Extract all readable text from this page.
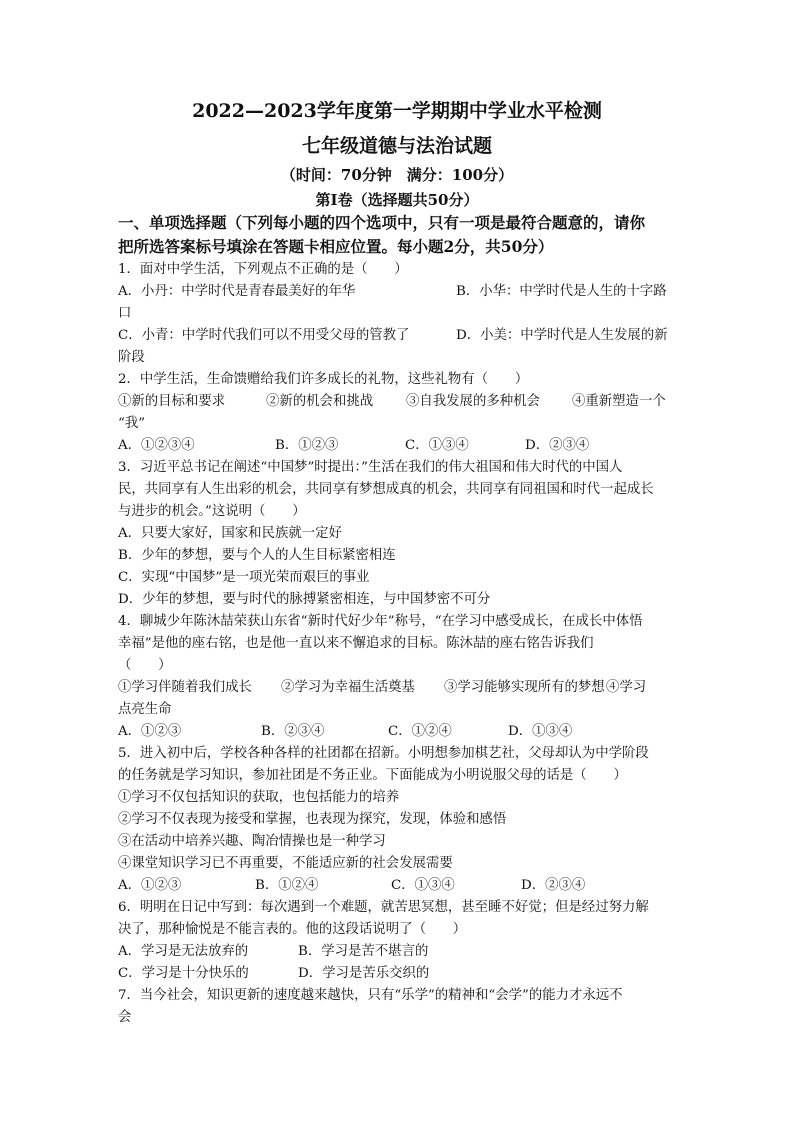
2022—2023学年度第一学期期中学业水平检测
七年级道德与法治试题
（时间：70分钟　满分：100分）
第Ⅰ卷（选择题共50分）
一、单项选择题（下列每小题的四个选项中，只有一项是最符合题意的，请你
把所选答案标号填涂在答题卡相应位置。每小题2分，共50分）
1．面对中学生活，下列观点不正确的是（　　）
A．小丹：中学时代是青春最美好的年华	B．小华：中学时代是人生的十字路
口
C．小青：中学时代我们可以不用受父母的管教了	D．小美：中学时代是人生发展的新
阶段
2．中学生活，生命馈赠给我们许多成长的礼物，这些礼物有（　　）
①新的目标和要求	②新的机会和挑战	③自我发展的多种机会	④重新塑造一个
“我”
A．①②③④	B．①②③	C．①③④	D．②③④
3．习近平总书记在阐述“中国梦”时提出：”生活在我们的伟大祖国和伟大时代的中国人
民，共同享有人生出彩的机会，共同享有梦想成真的机会，共同享有同祖国和时代一起成长
与进步的机会。”这说明（　　）
A．只要大家好，国家和民族就一定好
B．少年的梦想，要与个人的人生目标紧密相连
C．实现“中国梦”是一项光荣而艰巨的事业
D．少年的梦想，要与时代的脉搏紧密相连，与中国梦密不可分
4．聊城少年陈沐喆荣获山东省“新时代好少年”称号，“在学习中感受成长，在成长中体悟
幸福”是他的座右铭，也是他一直以来不懈追求的目标。陈沐喆的座右铭告诉我们
（　　）
①学习伴随着我们成长	②学习为幸福生活奠基	③学习能够实现所有的梦想 ④学习
点亮生命
A．①②③	B．②③④	C．①②④	D．①③④
5．进入初中后，学校各种各样的社团都在招新。小明想参加棋艺社，父母却认为中学阶段
的任务就是学习知识，参加社团是不务正业。下面能成为小明说服父母的话是（　　）
①学习不仅包括知识的获取，也包括能力的培养
②学习不仅表现为接受和掌握，也表现为探究，发现，体验和感悟
③在活动中培养兴趣、陶冶情操也是一种学习
④课堂知识学习已不再重要，不能适应新的社会发展需要
A．①②③	B．①②④	C．①③④	D．②③④
6．明明在日记中写到：每次遇到一个难题，就苦思冥想，甚至睡不好觉；但是经过努力解
决了，那种愉悦是不能言表的。他的这段话说明了（　　）
A．学习是无法放弃的	B．学习是苦不堪言的
C．学习是十分快乐的	D．学习是苦乐交织的
7．当今社会，知识更新的速度越来越快，只有“乐学”的精神和“会学”的能力才永远不
会
